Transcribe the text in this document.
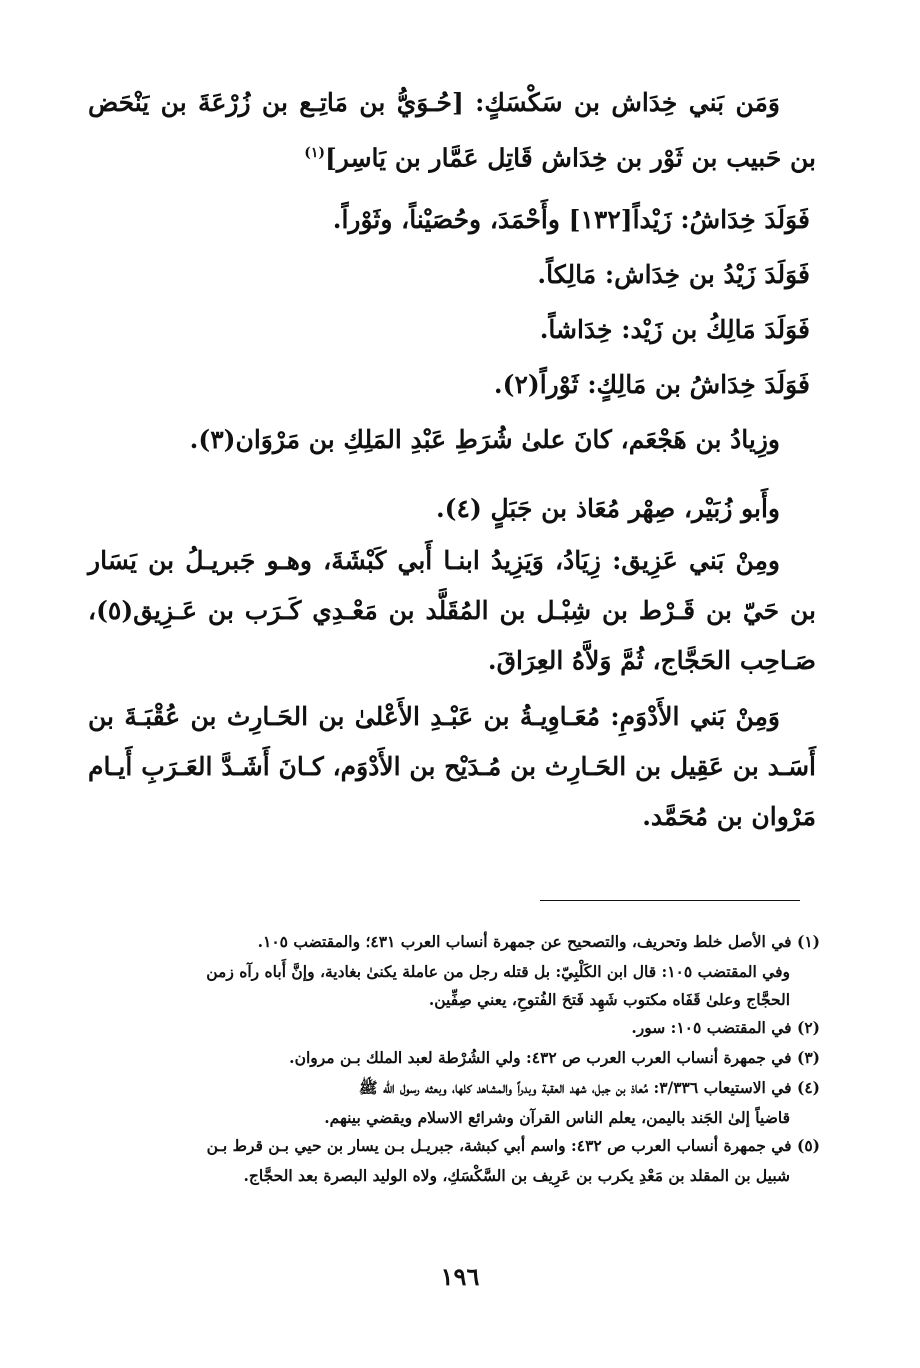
وَمَن بَني خِدَاش بن سَكْسَكٍ: [حُـوَيُّ بن مَاتِـع بن زُرْعَةَ بن يَنْحَض بن حَبيب بن ثَوْر بن خِدَاش قَاتِل عَمَّار بن يَاسِر]$^{(١)}$

فَوَلَدَ خِدَاشُ: زَيْداً[١٣٢] وأَحْمَدَ، وحُصَيْناً، وثَوْراً.

فَوَلَدَ زَيْدُ بن خِدَاش: مَالِكاً.

فَوَلَدَ مَالِكُ بن زَيْد: خِدَاشاً.

فَوَلَدَ خِدَاشُ بن مَالِكٍ: ثَوْراً(٢).

وزِيادُ بن هَجْعَم، كانَ علىٰ شُرَطِ عَبْدِ المَلِكِ بن مَرْوَان(٣).

وأَبو زُبَيْر، صِهْر مُعَاذ بن جَبَلٍ (٤).

ومِنْ بَني عَزِيق: زِيَادُ، وَيَزِيدُ ابنـا أَبي كَبْشَةَ، وهـو جَبريـلُ بن يَسَار بن حَيّ بن قَـرْط بن شِبْـل بن المُقَلَّد بن مَعْـدِي كَـرَب بن عَـزِيق(٥)، صَـاحِب الحَجَّاج، ثُمَّ وَلاَّهُ العِرَاقَ.

وَمِنْ بَني الأَدْوَمِ: مُعَـاوِيـةُ بن عَبْـدِ الأَعْلىٰ بن الحَـارِث بن عُقْبَـةَ بن أَسَـد بن عَقِيل بن الحَـارِث بن مُـدَيْح بن الأَدْوَم، كـانَ أَشَـدَّ العَـرَبِ أَيـام مَرْوان بن مُحَمَّد.

(١) في الأصل خلط وتحريف، والتصحيح عن جمهرة أنساب العرب ٤٣١؛ والمقتضب ١٠٥.

وفي المقتضب ١٠٥: قال ابن الكَلْبِيّ: بل قتله رجل من عاملة يكنىٰ بغادية، وإنَّ أَباه رآه زمن

الحجَّاج وعلىٰ قَفَاه مكتوب شَهِد فَتحَ الفُتوحِ، يعني صِفِّين.

(٢) في المقتضب ١٠٥: سور.

(٣) في جمهرة أنساب العرب العرب ص ٤٣٢: ولي الشُرْطة لعبد الملك بـن مروان.

(٤) في الاستيعاب ٣/٣٣٦: مُعاذ بن جبل، شهد العقبة وبدراً والمشاهد كلها، وبعثه رسول الله ﷺ

قاضياً إلىٰ الجَند باليمن، يعلم الناس القرآن وشرائع الاسلام ويقضي بينهم.

(٥) في جمهرة أنساب العرب ص ٤٣٢: واسم أبي كبشة، جبريـل بـن يسار بن حيي بـن قرط بـن

شبيل بن المقلد بن مَعْدِ يكرب بن عَرِيف بن السَّكْسَكِ، ولاه الوليد البصرة بعد الحجَّاج.

١٩٦
